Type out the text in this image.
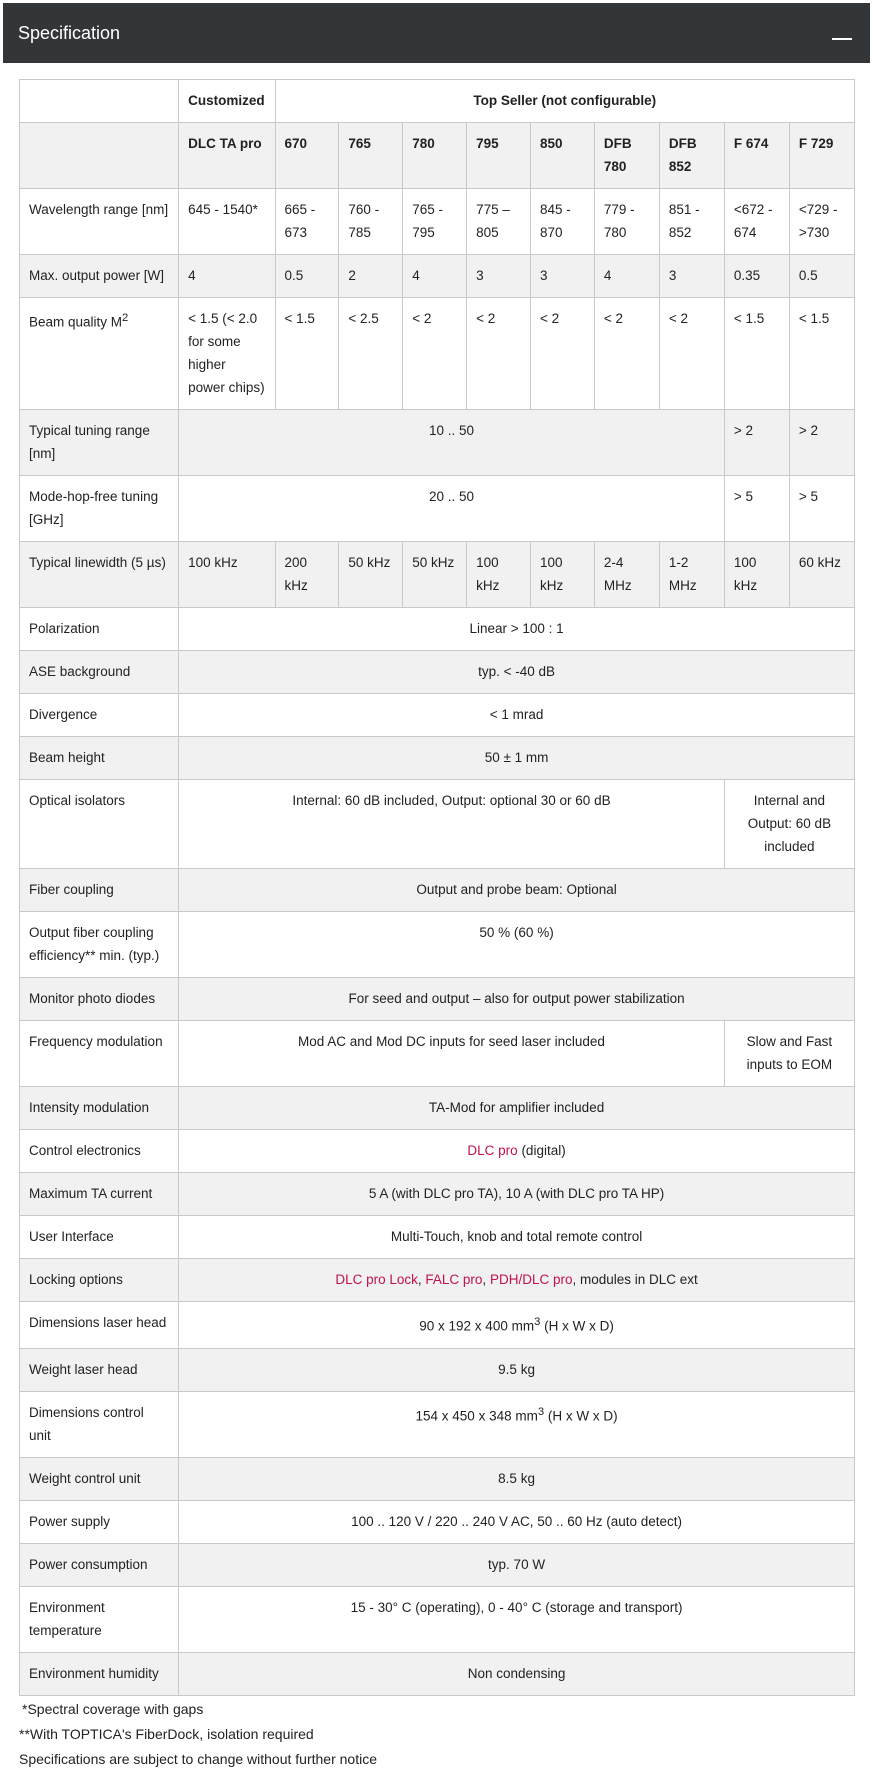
Specification
	Customized	Top Seller (not configurable)								
	DLC TA pro	670	765	780	795	850	DFB 780	DFB 852	F 674	F 729
Wavelength range [nm]	645 - 1540*	665 - 673	760 - 785	765 - 795	775 – 805	845 - 870	779 - 780	851 - 852	<672 - 674	<729 - >730
Max. output power [W]	4	0.5	2	4	3	3	4	3	0.35	0.5
Beam quality $M^2$	< 1.5 (< 2.0 for some higher power chips)	< 1.5	< 2.5	< 2	< 2	< 2	< 2	< 2	< 1.5	< 1.5
Typical tuning range [nm]	10 .. 50								> 2	> 2
Mode-hop-free tuning [GHz]	20 .. 50								> 5	> 5
Typical linewidth (5 µs)	100 kHz	200 kHz	50 kHz	50 kHz	100 kHz	100 kHz	2-4 MHz	1-2 MHz	100 kHz	60 kHz
Polarization	Linear > 100 : 1									
ASE background	typ. < -40 dB									
Divergence	< 1 mrad									
Beam height	50 ± 1 mm									
Optical isolators	Internal: 60 dB included, Output: optional 30 or 60 dB								Internal and Output: 60 dB included	
Fiber coupling	Output and probe beam: Optional									
Output fiber coupling efficiency** min. (typ.)	50 % (60 %)									
Monitor photo diodes	For seed and output – also for output power stabilization									
Frequency modulation	Mod AC and Mod DC inputs for seed laser included								Slow and Fast inputs to EOM	
Intensity modulation	TA-Mod for amplifier included									
Control electronics	DLC pro (digital)									
Maximum TA current	5 A (with DLC pro TA), 10 A (with DLC pro TA HP)									
User Interface	Multi-Touch, knob and total remote control									
Locking options	DLC pro Lock, FALC pro, PDH/DLC pro, modules in DLC ext									
Dimensions laser head	90 x 192 x 400 $mm^3$ (H x W x D)									
Weight laser head	9.5 kg									
Dimensions control unit	154 x 450 x 348 $mm^3$ (H x W x D)									
Weight control unit	8.5 kg									
Power supply	100 .. 120 V / 220 .. 240 V AC, 50 .. 60 Hz (auto detect)									
Power consumption	typ. 70 W									
Environment temperature	15 - 30° C (operating), 0 - 40° C (storage and transport)									
Environment humidity	Non condensing									
*Spectral coverage with gaps
**With TOPTICA's FiberDock, isolation required
Specifications are subject to change without further notice
